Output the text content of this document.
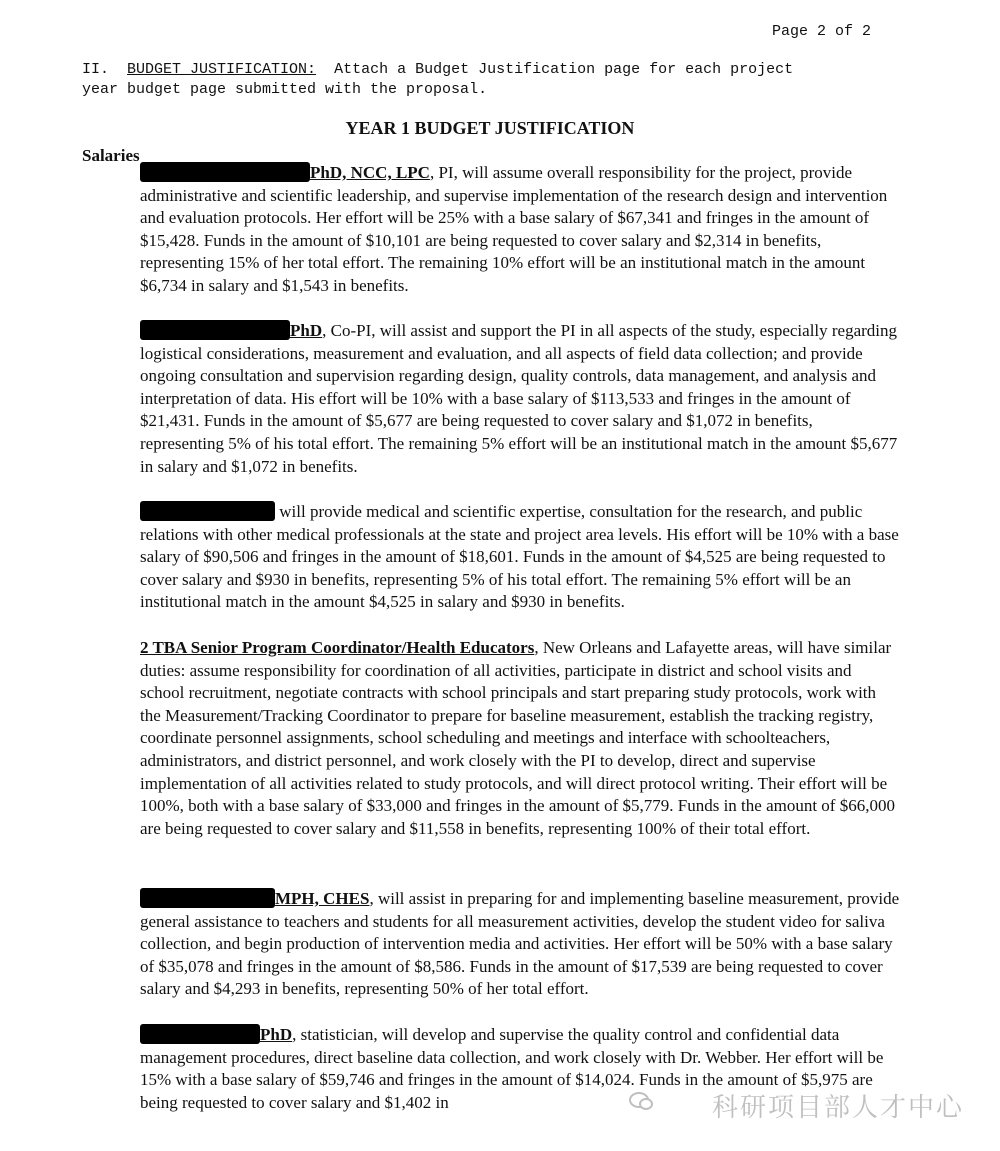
Page 2 of 2
II. BUDGET JUSTIFICATION: Attach a Budget Justification page for each project
year budget page submitted with the proposal.
YEAR 1 BUDGET JUSTIFICATION
Salaries
PhD, NCC, LPC, PI, will assume overall responsibility for the project, provide administrative and scientific leadership, and supervise implementation of the research design and intervention and evaluation protocols. Her effort will be 25% with a base salary of $67,341 and fringes in the amount of $15,428. Funds in the amount of $10,101 are being requested to cover salary and $2,314 in benefits, representing 15% of her total effort. The remaining 10% effort will be an institutional match in the amount $6,734 in salary and $1,543 in benefits.
PhD, Co-PI, will assist and support the PI in all aspects of the study, especially regarding logistical considerations, measurement and evaluation, and all aspects of field data collection; and provide ongoing consultation and supervision regarding design, quality controls, data management, and analysis and interpretation of data. His effort will be 10% with a base salary of $113,533 and fringes in the amount of $21,431. Funds in the amount of $5,677 are being requested to cover salary and $1,072 in benefits, representing 5% of his total effort. The remaining 5% effort will be an institutional match in the amount $5,677 in salary and $1,072 in benefits.
will provide medical and scientific expertise, consultation for the research, and public relations with other medical professionals at the state and project area levels. His effort will be 10% with a base salary of $90,506 and fringes in the amount of $18,601. Funds in the amount of $4,525 are being requested to cover salary and $930 in benefits, representing 5% of his total effort. The remaining 5% effort will be an institutional match in the amount $4,525 in salary and $930 in benefits.
2 TBA Senior Program Coordinator/Health Educators, New Orleans and Lafayette areas, will have similar duties: assume responsibility for coordination of all activities, participate in district and school visits and school recruitment, negotiate contracts with school principals and start preparing study protocols, work with the Measurement/Tracking Coordinator to prepare for baseline measurement, establish the tracking registry, coordinate personnel assignments, school scheduling and meetings and interface with schoolteachers, administrators, and district personnel, and work closely with the PI to develop, direct and supervise implementation of all activities related to study protocols, and will direct protocol writing. Their effort will be 100%, both with a base salary of $33,000 and fringes in the amount of $5,779. Funds in the amount of $66,000 are being requested to cover salary and $11,558 in benefits, representing 100% of their total effort.
MPH, CHES, will assist in preparing for and implementing baseline measurement, provide general assistance to teachers and students for all measurement activities, develop the student video for saliva collection, and begin production of intervention media and activities. Her effort will be 50% with a base salary of $35,078 and fringes in the amount of $8,586. Funds in the amount of $17,539 are being requested to cover salary and $4,293 in benefits, representing 50% of her total effort.
PhD, statistician, will develop and supervise the quality control and confidential data management procedures, direct baseline data collection, and work closely with Dr. Webber. Her effort will be 15% with a base salary of $59,746 and fringes in the amount of $14,024. Funds in the amount of $5,975 are being requested to cover salary and $1,402 in	科研项目部人才中心
